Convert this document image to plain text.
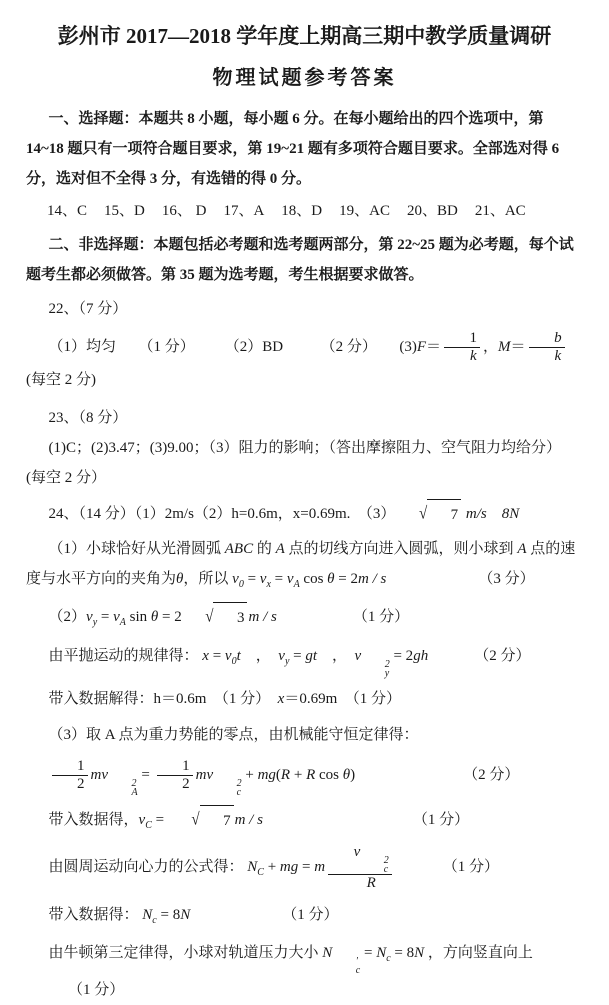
彭州市 2017—2018 学年度上期高三期中教学质量调研
物理试题参考答案

一、选择题：本题共 8 小题，每小题 6 分。在每小题给出的四个选项中，第 14~18 题只有一项符合题目要求，第 19~21 题有多项符合题目要求。全部选对得 6 分，选对但不全得 3 分，有选错的得 0 分。

14、C 15、D 16、 D 17、A 18、D 19、AC 20、BD 21、AC

二、非选择题：本题包括必考题和选考题两部分，第 22~25 题为必考题，每个试题考生都必须做答。第 35 题为选考题，考生根据要求做答。

22、（7 分）

（1）均匀　　（1 分）　　　（2）BD　　　（2 分）　　$(3)F= \frac{1}{k}$ ，$M= \frac{b}{k}$
(每空 2 分)

23、（8 分）

(1)C；(2)3.47；(3)9.00；（3）阻力的影响；（答出摩擦阻力、空气阻力均给分）　　(每空 2 分）

24、（14 分）（1）2m/s（2）h=0.6m，x=0.69m.　（3）	√	7 m/s　 8N

（1）小球恰好从光滑圆弧 ABC 的 A 点的切线方向进入圆弧，则小球到 A 点的速度与水平方向的夹角为θ，所以 $v_0 = v_x = v_A$ cos θ = 2m / s	（3 分）

$(2)v_y = v_A$ sin θ = 2	√	3 m / s	（1 分）

由平抛运动的规律得： $x = v_0t$　，　$v_y$ = gt　，　v
2
y
= 2gh	（2 分）

带入数据解得：h＝0.6m　（1 分）　x＝0.69m　（1 分）

（3）取 A 点为重力势能的零点，由机械能守恒定律得：

$\frac{1}{2}$ mv
2
A
= $\frac{1}{2}$ mv
2
c
+ mg(R + R cos θ)	（2 分）

带入数据得，$v_C$ =	√	7 m / s	（1 分）

由圆周运动向心力的公式得： $N_C$ + mg = m v
2
c
R	（1 分）

带入数据得： $N_c = 8N$	（1 分）

由牛顿第三定律得，小球对轨道压力大小 N
′
c
= $N_c = 8N$ ，方向竖直向上（1 分）
